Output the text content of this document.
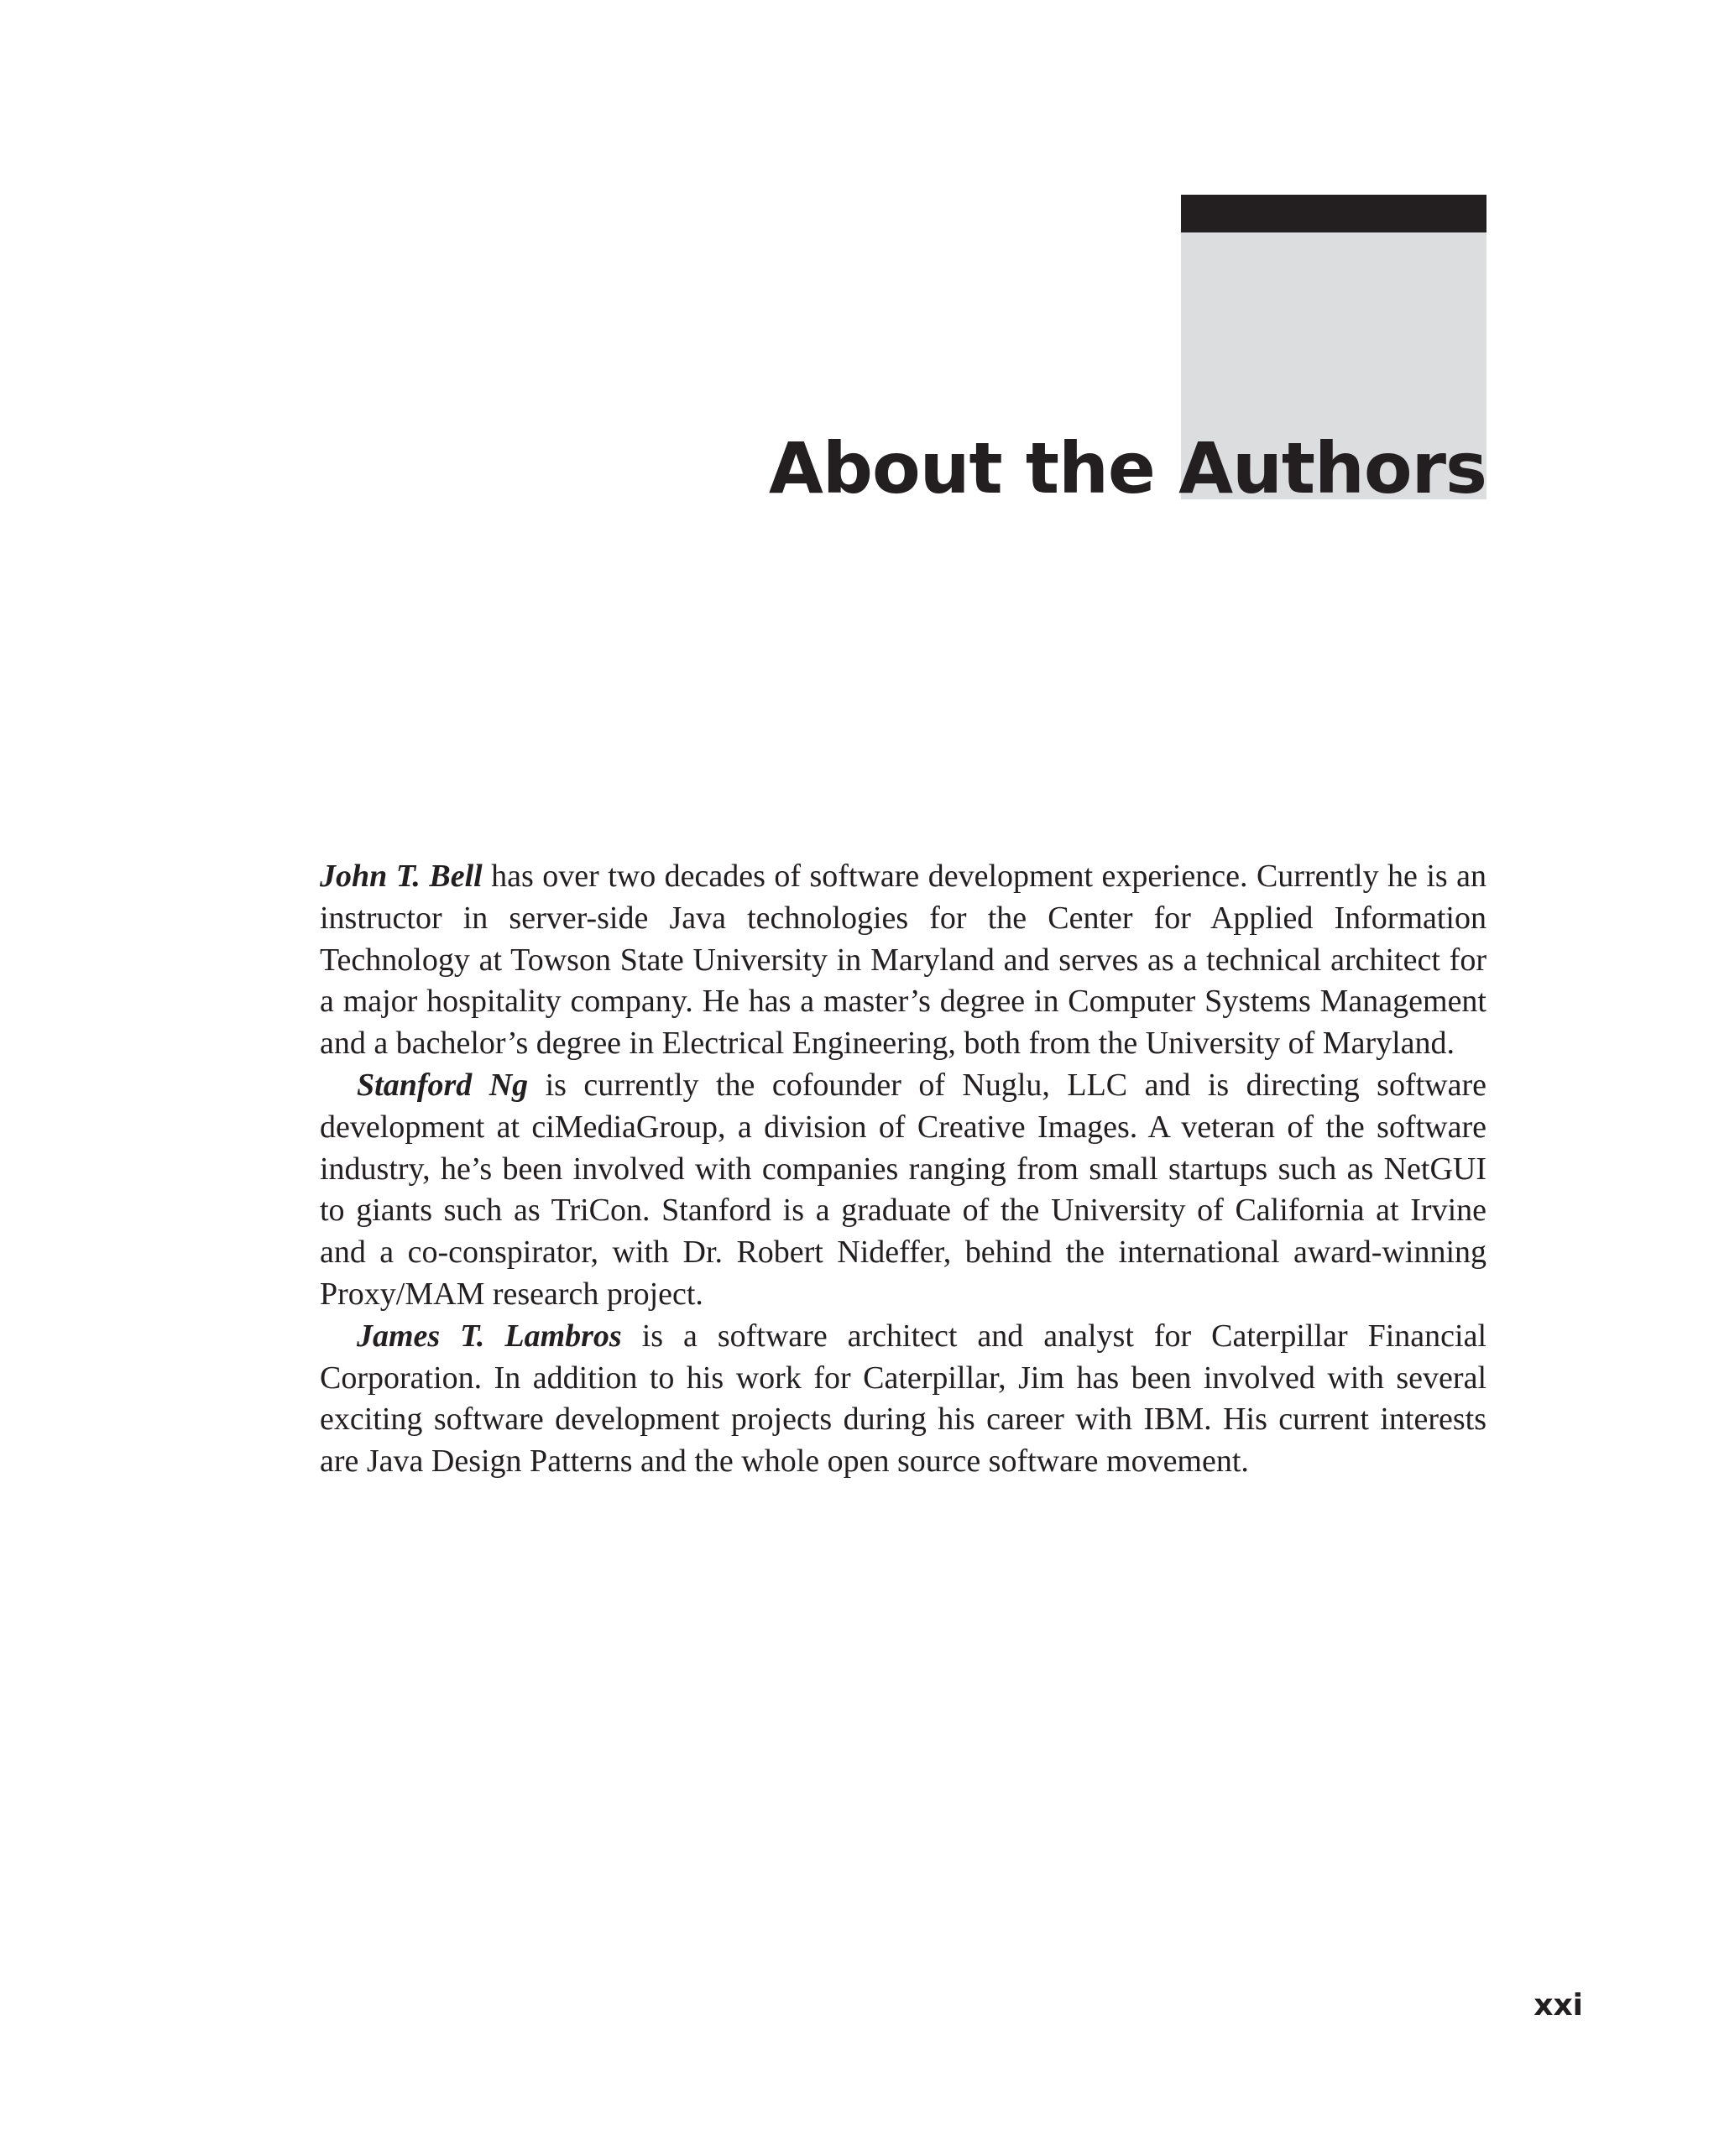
About the Authors

John T. Bell has over two decades of software development experience. Currently he is an instructor in server-side Java technologies for the Center for Applied Information Technology at Towson State University in Maryland and serves as a technical architect for a major hospitality company. He has a master’s degree in Computer Systems Management and a bachelor’s degree in Electrical Engineering, both from the University of Maryland.

Stanford Ng is currently the cofounder of Nuglu, LLC and is directing software development at ciMediaGroup, a division of Creative Images. A veteran of the software industry, he’s been involved with companies ranging from small startups such as NetGUI to giants such as TriCon. Stanford is a graduate of the University of California at Irvine and a co-conspirator, with Dr. Robert Nideffer, behind the international award-winning Proxy/MAM research project.

James T. Lambros is a software architect and analyst for Caterpillar Financial Corporation. In addition to his work for Caterpillar, Jim has been involved with several exciting software development projects during his career with IBM. His current interests are Java Design Patterns and the whole open source software movement.

xxi
